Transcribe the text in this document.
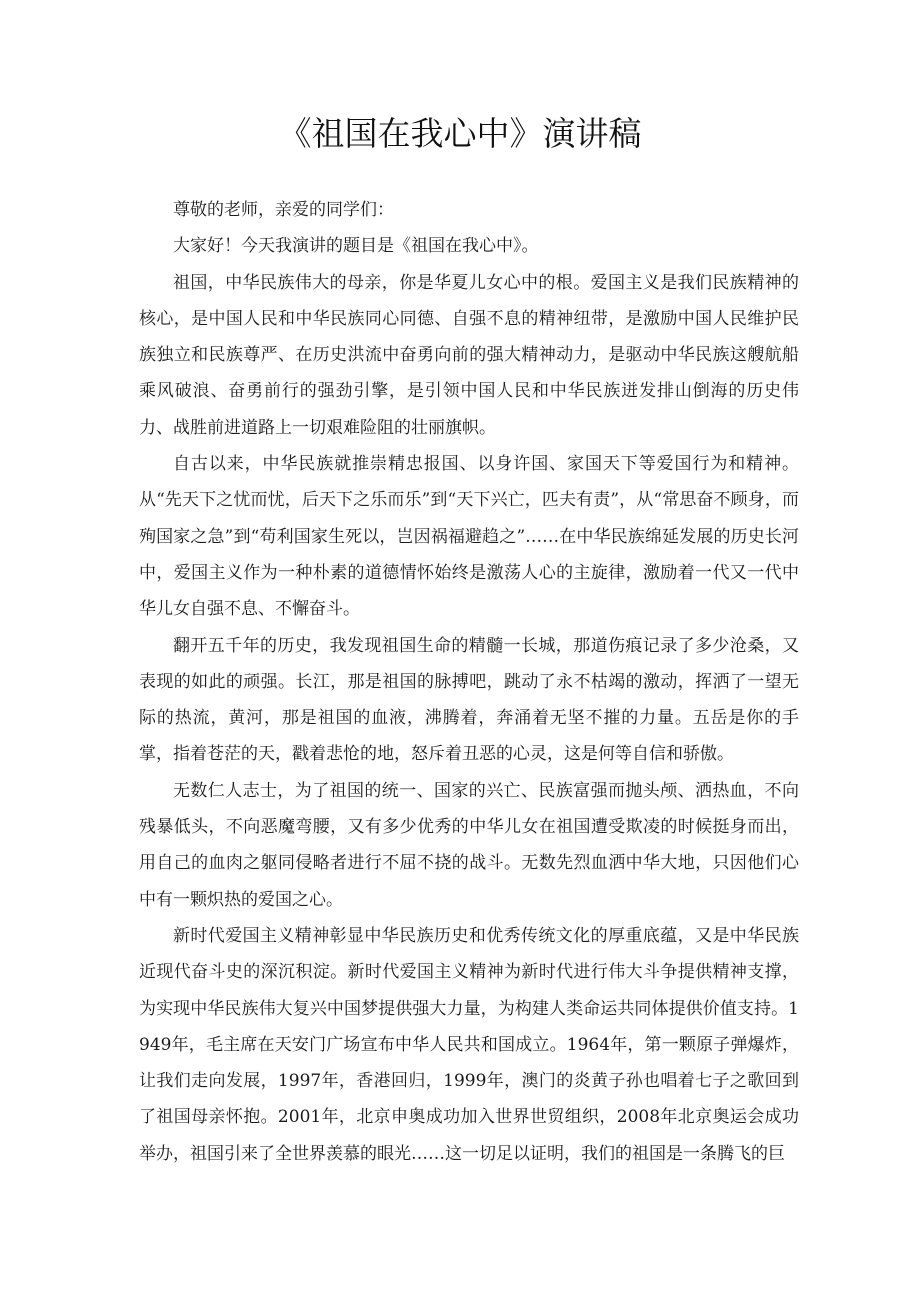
《祖国在我心中》演讲稿

尊敬的老师，亲爱的同学们：

大家好！今天我演讲的题目是《祖国在我心中》。

祖国，中华民族伟大的母亲，你是华夏儿女心中的根。爱国主义是我们民族精神的核心，是中国人民和中华民族同心同德、自强不息的精神纽带，是激励中国人民维护民族独立和民族尊严、在历史洪流中奋勇向前的强大精神动力，是驱动中华民族这艘航船乘风破浪、奋勇前行的强劲引擎，是引领中国人民和中华民族迸发排山倒海的历史伟力、战胜前进道路上一切艰难险阻的壮丽旗帜。

自古以来，中华民族就推崇精忠报国、以身许国、家国天下等爱国行为和精神。从“先天下之忧而忧，后天下之乐而乐”到“天下兴亡，匹夫有责”，从“常思奋不顾身，而殉国家之急”到“苟利国家生死以，岂因祸福避趋之”……在中华民族绵延发展的历史长河中，爱国主义作为一种朴素的道德情怀始终是激荡人心的主旋律，激励着一代又一代中华儿女自强不息、不懈奋斗。

翻开五千年的历史，我发现祖国生命的精髓一长城，那道伤痕记录了多少沧桑，又表现的如此的顽强。长江，那是祖国的脉搏吧，跳动了永不枯竭的激动，挥洒了一望无际的热流，黄河，那是祖国的血液，沸腾着，奔涌着无坚不摧的力量。五岳是你的手掌，指着苍茫的天，戳着悲怆的地，怒斥着丑恶的心灵，这是何等自信和骄傲。

无数仁人志士，为了祖国的统一、国家的兴亡、民族富强而抛头颅、洒热血，不向残暴低头，不向恶魔弯腰，又有多少优秀的中华儿女在祖国遭受欺凌的时候挺身而出，用自己的血肉之躯同侵略者进行不屈不挠的战斗。无数先烈血洒中华大地，只因他们心中有一颗炽热的爱国之心。

新时代爱国主义精神彰显中华民族历史和优秀传统文化的厚重底蕴，又是中华民族近现代奋斗史的深沉积淀。新时代爱国主义精神为新时代进行伟大斗争提供精神支撑，为实现中华民族伟大复兴中国梦提供强大力量，为构建人类命运共同体提供价值支持。1949年，毛主席在天安门广场宣布中华人民共和国成立。1964年，第一颗原子弹爆炸，让我们走向发展，1997年，香港回归，1999年，澳门的炎黄子孙也唱着七子之歌回到了祖国母亲怀抱。2001年，北京申奥成功加入世界世贸组织，2008年北京奥运会成功举办，祖国引来了全世界羡慕的眼光……这一切足以证明，我们的祖国是一条腾飞的巨
